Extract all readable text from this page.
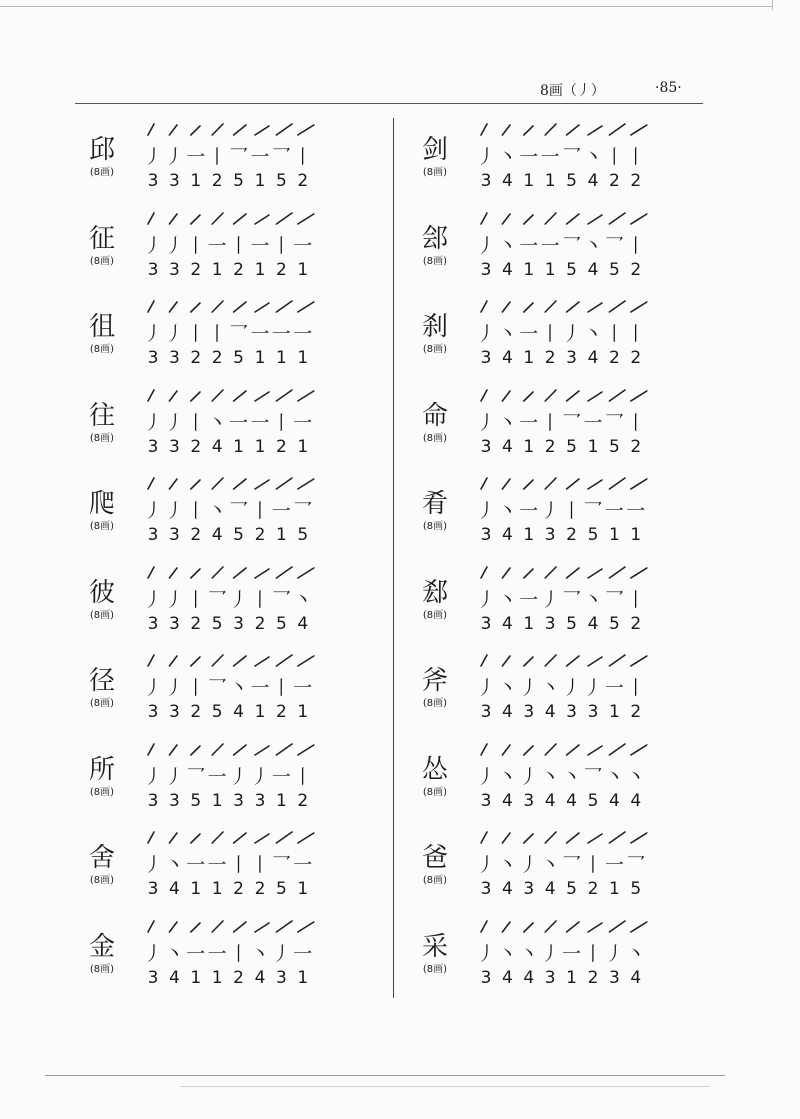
8画（丿）	·85·
邱
(8画)
丿 丿 一 丨 乛 一 乛 丨
3 3 1 2 5 1 5 2
征
(8画)
丿 丿 丨 一 丨 一 丨 一
3 3 2 1 2 1 2 1
徂
(8画)
丿 丿 丨 丨 乛 一 一 一
3 3 2 2 5 1 1 1
往
(8画)
丿 丿 丨 丶 一 一 丨 一
3 3 2 4 1 1 2 1
爬
(8画)
丿 丿 丨 丶 乛 丨 一 乛
3 3 2 4 5 2 1 5
彼
(8画)
丿 丿 丨 乛 丿 丨 乛 丶
3 3 2 5 3 2 5 4
径
(8画)
丿 丿 丨 乛 丶 一 丨 一
3 3 2 5 4 1 2 1
所
(8画)
丿 丿 乛 一 丿 丿 一 丨
3 3 5 1 3 3 1 2
舍
(8画)
丿 丶 一 一 丨 丨 乛 一
3 4 1 1 2 2 5 1
金
(8画)
丿 丶 一 一 丨 丶 丿 一
3 4 1 1 2 4 3 1
剑
(8画)
丿 丶 一 一 乛 丶 丨 丨
3 4 1 1 5 4 2 2
郐
(8画)
丿 丶 一 一 乛 丶 乛 丨
3 4 1 1 5 4 5 2
刹
(8画)
丿 丶 一 丨 丿 丶 丨 丨
3 4 1 2 3 4 2 2
命
(8画)
丿 丶 一 丨 乛 一 乛 丨
3 4 1 2 5 1 5 2
肴
(8画)
丿 丶 一 丿 丨 乛 一 一
3 4 1 3 2 5 1 1
郄
(8画)
丿 丶 一 丿 乛 丶 乛 丨
3 4 1 3 5 4 5 2
斧
(8画)
丿 丶 丿 丶 丿 丿 一 丨
3 4 3 4 3 3 1 2
怂
(8画)
丿 丶 丿 丶 丶 乛 丶 丶
3 4 3 4 4 5 4 4
爸
(8画)
丿 丶 丿 丶 乛 丨 一 乛
3 4 3 4 5 2 1 5
采
(8画)
丿 丶 丶 丿 一 丨 丿 丶
3 4 4 3 1 2 3 4
